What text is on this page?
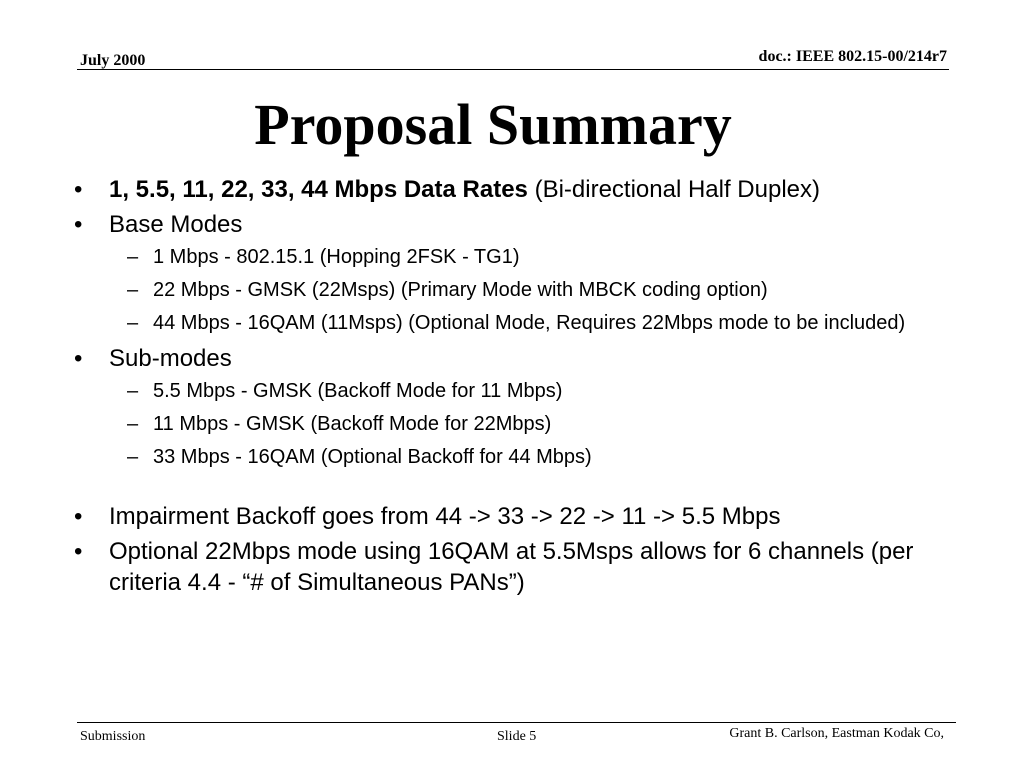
July 2000	doc.: IEEE 802.15-00/214r7
Proposal Summary
•	1, 5.5, 11, 22, 33, 44 Mbps Data Rates (Bi-directional Half Duplex)
•	Base Modes
– 1 Mbps - 802.15.1 (Hopping 2FSK - TG1)
– 22 Mbps - GMSK (22Msps) (Primary Mode with MBCK coding option)
– 44 Mbps - 16QAM (11Msps) (Optional Mode, Requires 22Mbps mode to be included)
•	Sub-modes
– 5.5 Mbps - GMSK (Backoff Mode for 11 Mbps)
– 11 Mbps - GMSK (Backoff Mode for 22Mbps)
– 33 Mbps - 16QAM (Optional Backoff for 44 Mbps)
•	Impairment Backoff goes from 44 -> 33 -> 22 -> 11 -> 5.5 Mbps
•	Optional 22Mbps mode using 16QAM at 5.5Msps allows for 6 channels (per criteria 4.4 - “# of Simultaneous PANs”)
Submission	Slide 5	Grant B. Carlson, Eastman Kodak Co,
